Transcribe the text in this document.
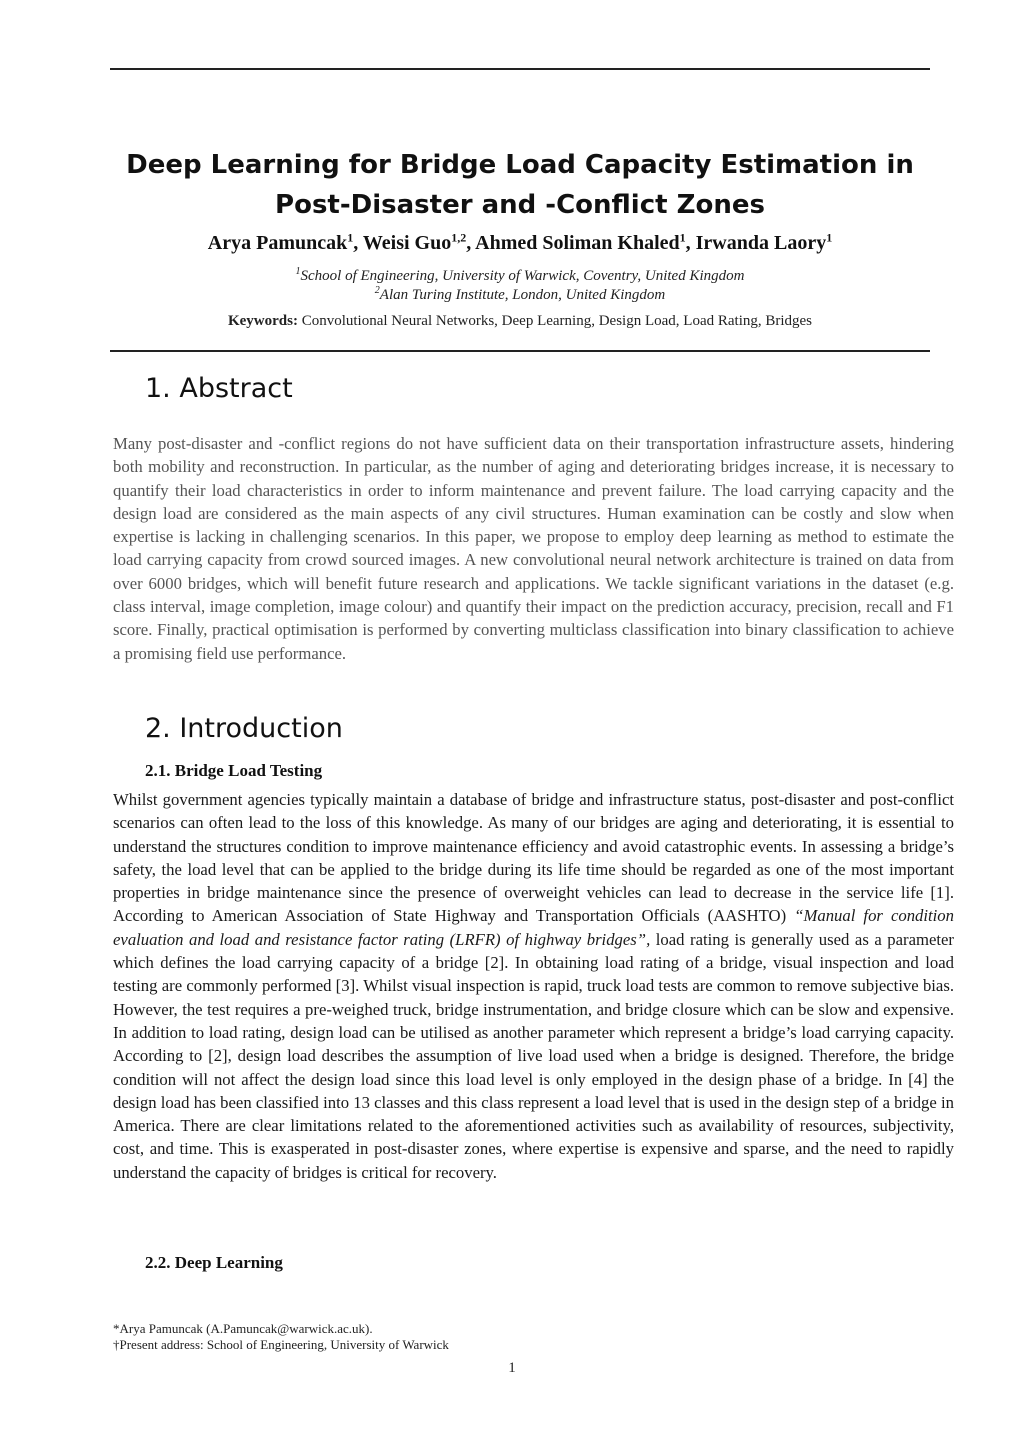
Deep Learning for Bridge Load Capacity Estimation in
Post-Disaster and -Conflict Zones
Arya Pamuncak$^1$, Weisi Guo$^{1,2}$, Ahmed Soliman Khaled$^1$, Irwanda Laory$^1$
$^1$School of Engineering, University of Warwick, Coventry, United Kingdom
$^2$Alan Turing Institute, London, United Kingdom
Keywords: Convolutional Neural Networks, Deep Learning, Design Load, Load Rating, Bridges
1. Abstract
Many post-disaster and -conflict regions do not have sufficient data on their transportation infrastructure assets, hindering both mobility and reconstruction. In particular, as the number of aging and deteriorating bridges increase, it is necessary to quantify their load characteristics in order to inform maintenance and prevent failure. The load carrying capacity and the design load are considered as the main aspects of any civil structures. Human examination can be costly and slow when expertise is lacking in challenging scenarios. In this paper, we propose to employ deep learning as method to estimate the load carrying capacity from crowd sourced images. A new convolutional neural network architecture is trained on data from over 6000 bridges, which will benefit future research and applications. We tackle significant variations in the dataset (e.g. class interval, image completion, image colour) and quantify their impact on the prediction accuracy, precision, recall and F1 score. Finally, practical optimisation is performed by converting multiclass classification into binary classification to achieve a promising field use performance.
2. Introduction
2.1. Bridge Load Testing
Whilst government agencies typically maintain a database of bridge and infrastructure status, post-disaster and post-conflict scenarios can often lead to the loss of this knowledge. As many of our bridges are aging and deteriorating, it is essential to understand the structures condition to improve maintenance efficiency and avoid catastrophic events. In assessing a bridge’s safety, the load level that can be applied to the bridge during its life time should be regarded as one of the most important properties in bridge maintenance since the presence of overweight vehicles can lead to decrease in the service life [1]. According to American Association of State Highway and Transportation Officials (AASHTO) “Manual for condition evaluation and load and resistance factor rating (LRFR) of highway bridges”, load rating is generally used as a parameter which defines the load carrying capacity of a bridge [2]. In obtaining load rating of a bridge, visual inspection and load testing are commonly performed [3]. Whilst visual inspection is rapid, truck load tests are common to remove subjective bias. However, the test requires a pre-weighed truck, bridge instrumentation, and bridge closure which can be slow and expensive. In addition to load rating, design load can be utilised as another parameter which represent a bridge’s load carrying capacity. According to [2], design load describes the assumption of live load used when a bridge is designed. Therefore, the bridge condition will not affect the design load since this load level is only employed in the design phase of a bridge. In [4] the design load has been classified into 13 classes and this class represent a load level that is used in the design step of a bridge in America. There are clear limitations related to the aforementioned activities such as availability of resources, subjectivity, cost, and time. This is exasperated in post-disaster zones, where expertise is expensive and sparse, and the need to rapidly understand the capacity of bridges is critical for recovery.
2.2. Deep Learning
*Arya Pamuncak (A.Pamuncak@warwick.ac.uk).
†Present address: School of Engineering, University of Warwick
1
